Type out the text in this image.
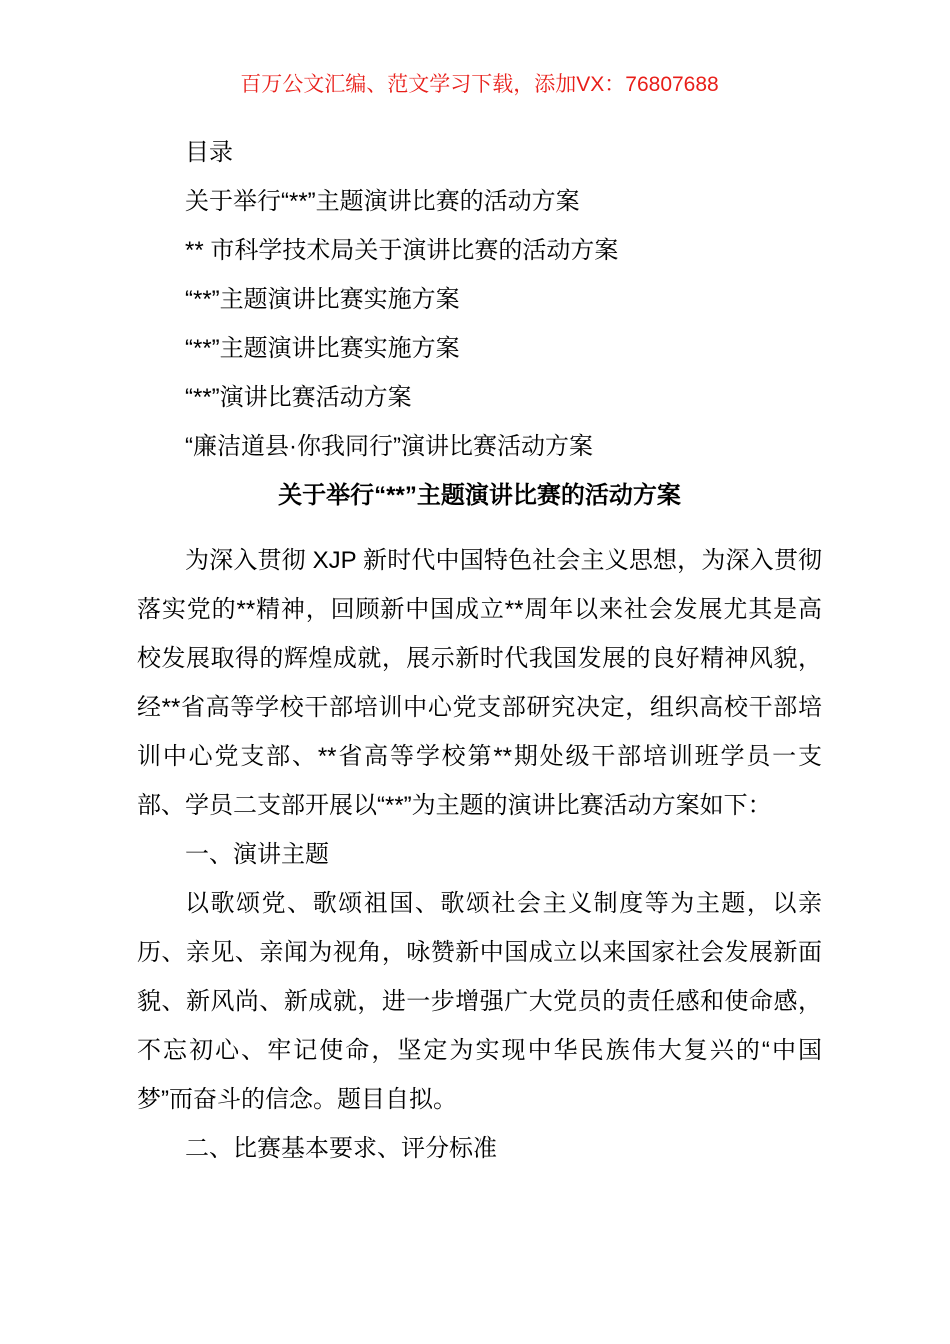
百万公文汇编、范文学习下载，添加VX：76807688

目录

关于举行“**”主题演讲比赛的活动方案

** 市科学技术局关于演讲比赛的活动方案

“**”主题演讲比赛实施方案

“**”主题演讲比赛实施方案

“**”演讲比赛活动方案

“廉洁道县·你我同行”演讲比赛活动方案

关于举行“**”主题演讲比赛的活动方案

为深入贯彻 XJP 新时代中国特色社会主义思想，为深入贯彻落实党的**精神，回顾新中国成立**周年以来社会发展尤其是高校发展取得的辉煌成就，展示新时代我国发展的良好精神风貌，经**省高等学校干部培训中心党支部研究决定，组织高校干部培训中心党支部、**省高等学校第**期处级干部培训班学员一支部、学员二支部开展以“**”为主题的演讲比赛活动方案如下：

一、演讲主题

以歌颂党、歌颂祖国、歌颂社会主义制度等为主题，以亲历、亲见、亲闻为视角，咏赞新中国成立以来国家社会发展新面貌、新风尚、新成就，进一步增强广大党员的责任感和使命感，不忘初心、牢记使命，坚定为实现中华民族伟大复兴的“中国梦”而奋斗的信念。题目自拟。

二、比赛基本要求、评分标准
